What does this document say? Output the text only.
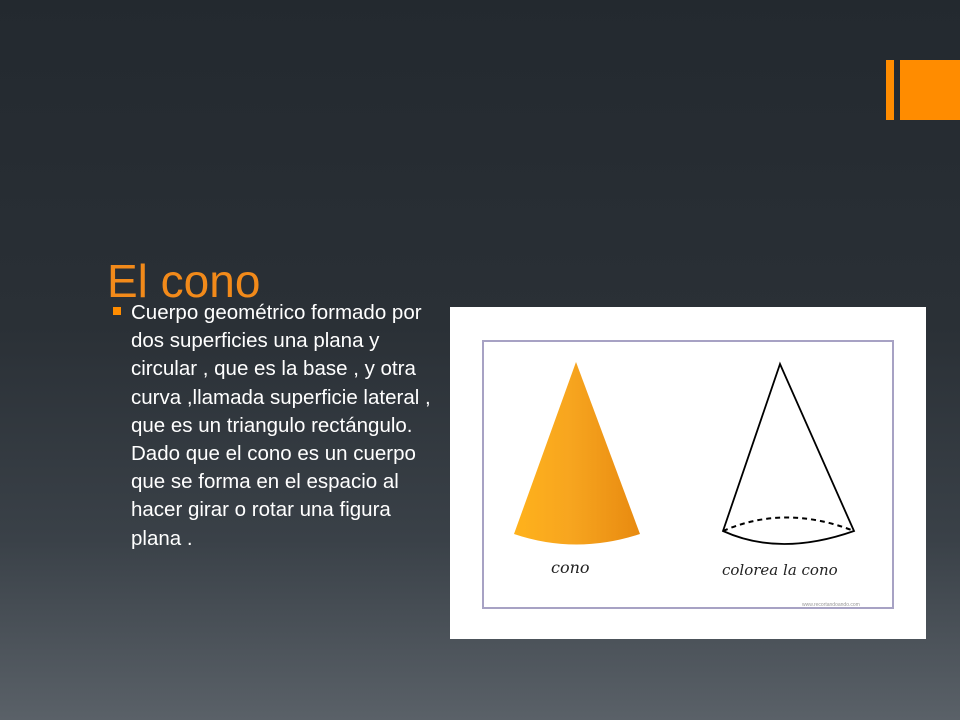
El cono
Cuerpo geométrico formado por dos superficies una plana y circular , que es la base , y otra curva ,llamada superficie lateral , que es un triangulo rectángulo. Dado que el cono es un cuerpo que se forma en el espacio al hacer girar o rotar una figura plana .
cono	colorea la cono
www.recortandoando.com
